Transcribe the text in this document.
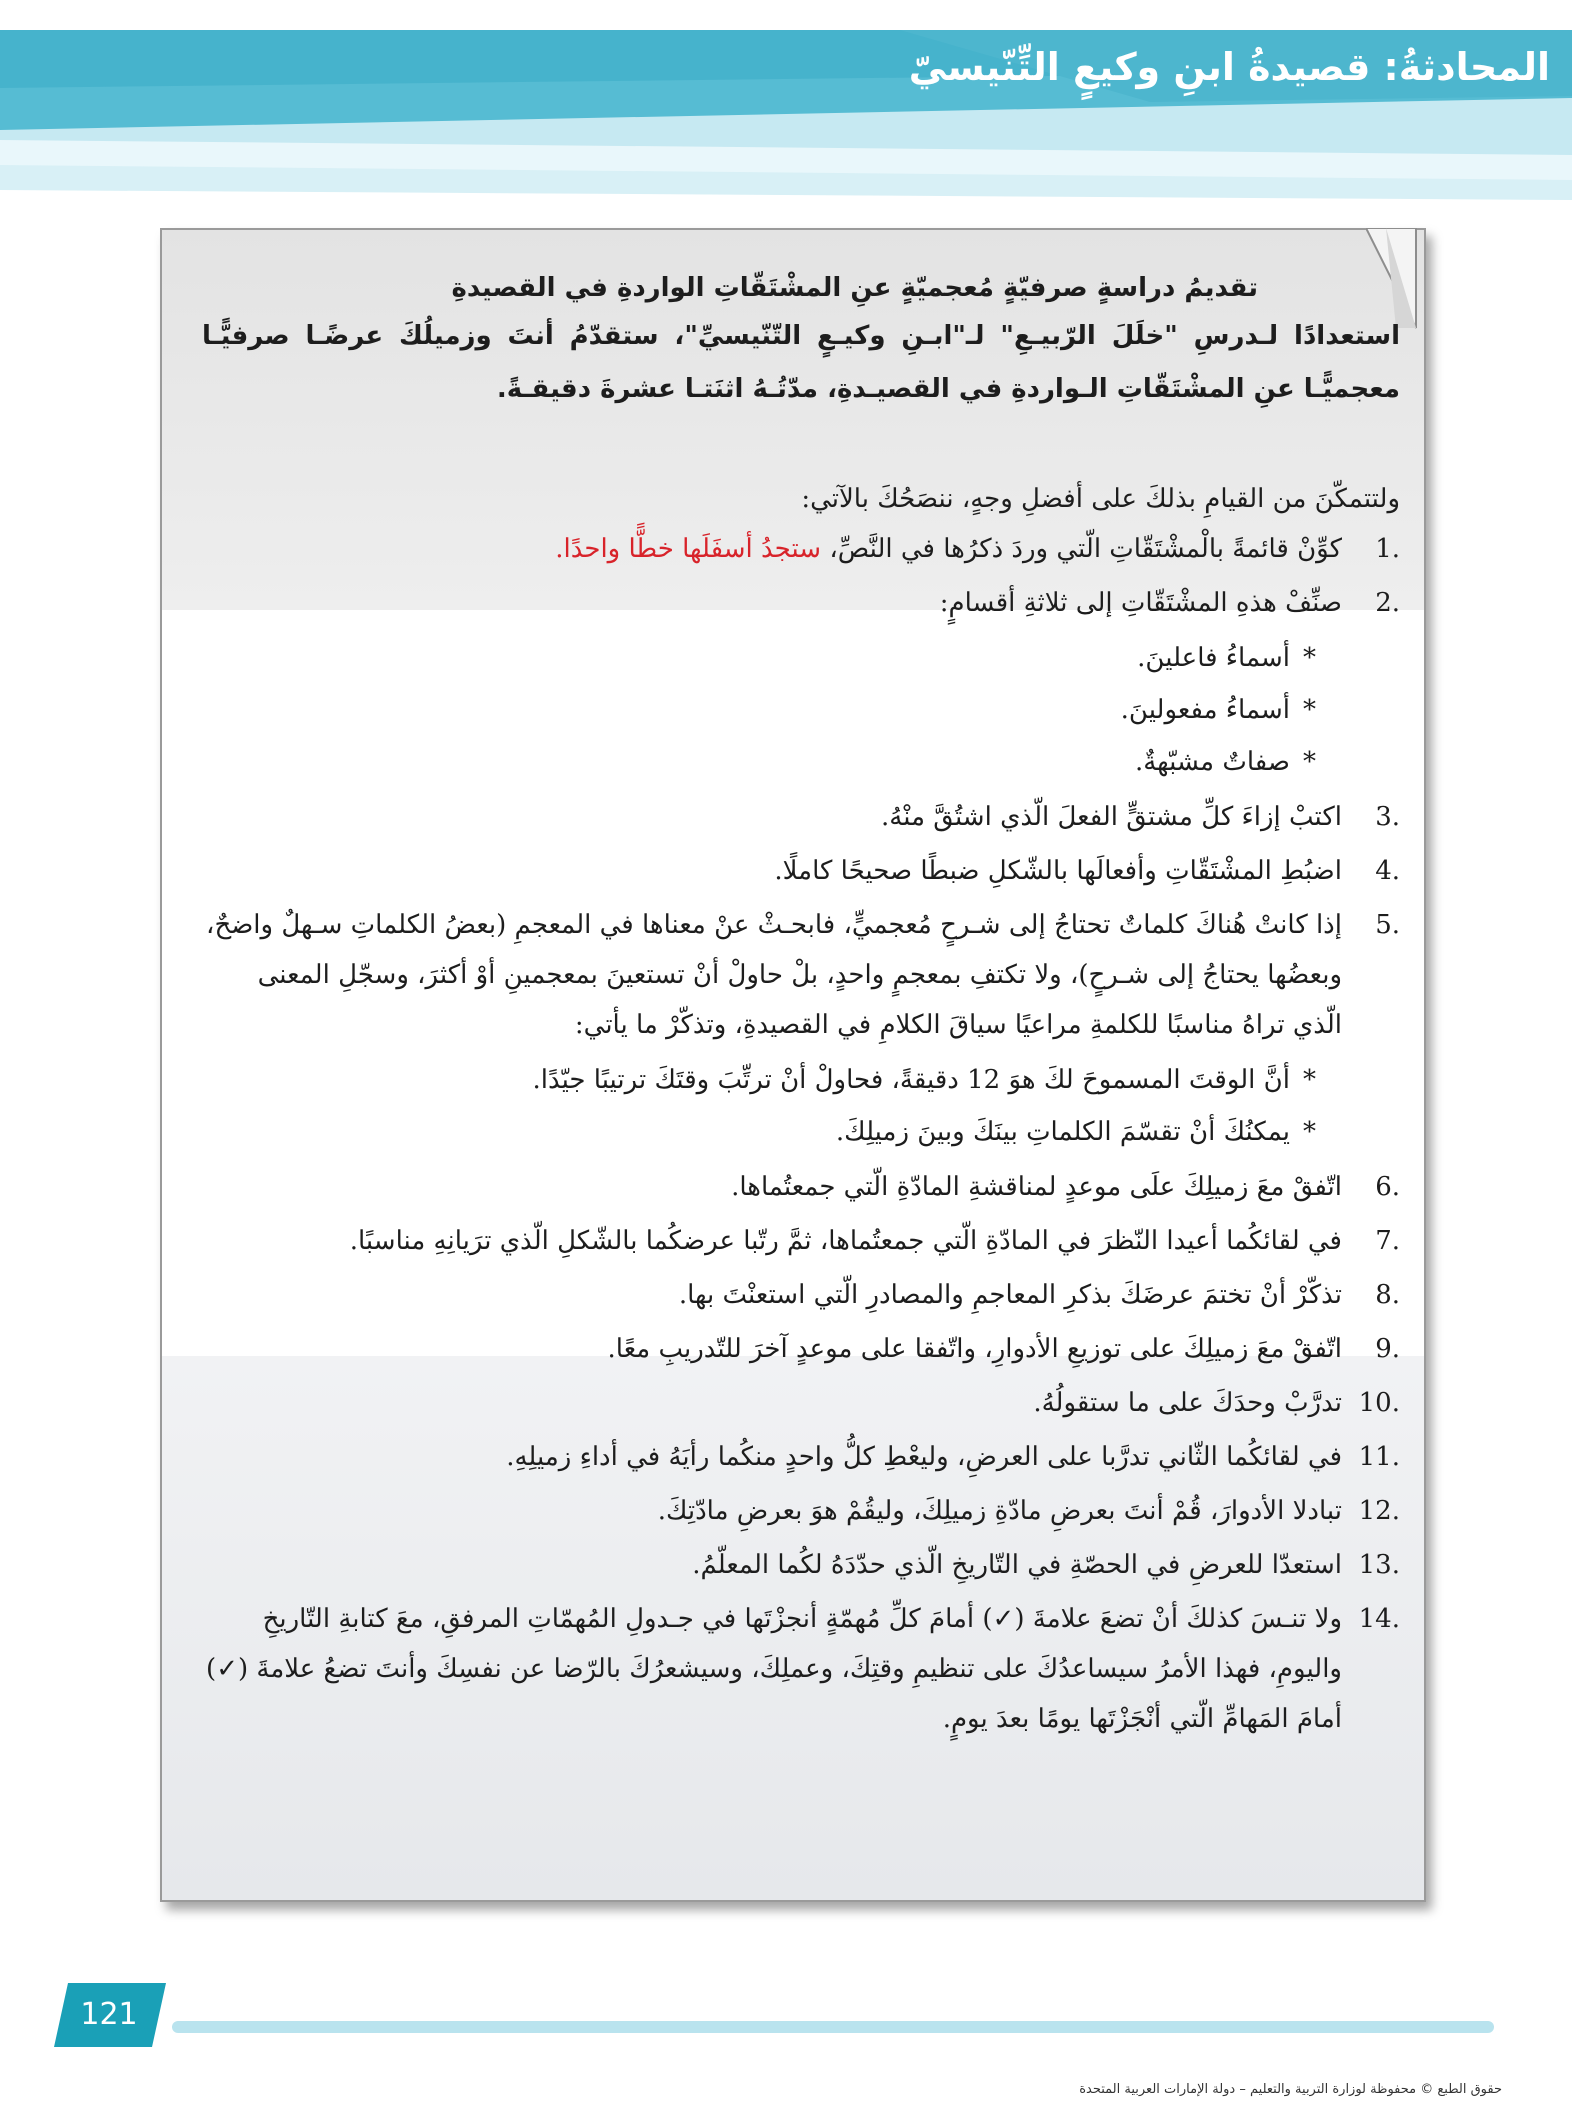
المحادثةُ: قصيدةُ ابنِ وكيعٍ التِّنّيسيّ

تقديمُ دراسةٍ صرفيّةٍ مُعجميّةٍ عنِ المشْتَقّاتِ الواردةِ في القصيدةِ

استعدادًا لـدرسِ "خلَلَ الرّبيـعِ" لـ"ابـنِ وكيـعٍ التّنّيسيِّ"، ستقدّمُ أنتَ وزميلُكَ عرضًـا صرفيًّـا معجميًّـا عنِ المشْتَقّاتِ الـواردةِ في القصيـدةِ، مدّتُـهُ اثنَتـا عشرةَ دقيقـةً.

ولتتمكّنَ من القيامِ بذلكَ على أفضلِ وجهٍ، ننصَحُكَ بالآتي:

1.
كوِّنْ قائمةً بالْمشْتَقّاتِ الّتي وردَ ذكرُها في النَّصِّ، ستجدُ أسفَلَها خطًّا واحدًا.
2.
صنِّفْ هذهِ المشْتَقّاتِ إلى ثلاثةِ أقسامٍ:
* أسماءُ فاعلينَ.
* أسماءُ مفعولينَ.
* صفاتٌ مشبّهةٌ.
3.
اكتبْ إزاءَ كلِّ مشتقٍّ الفعلَ الّذي اشتُقَّ منْهُ.
4.
اضبُطِ المشْتَقّاتِ وأفعالَها بالشّكلِ ضبطًا صحيحًا كاملًا.
5.
إذا كانتْ هُناكَ كلماتٌ تحتاجُ إلى شـرحٍ مُعجميٍّ، فابحـثْ عنْ معناها في المعجمِ (بعضُ الكلماتِ سـهلٌ واضحٌ، وبعضُها يحتاجُ إلى شـرحٍ)، ولا تكتفِ بمعجمٍ واحدٍ، بلْ حاولْ أنْ تستعينَ بمعجمينِ أوْ أكثرَ، وسجّلِ المعنى الّذي تراهُ مناسبًا للكلمةِ مراعيًا سياقَ الكلامِ في القصيدةِ، وتذكّرْ ما يأتي:
* أنَّ الوقتَ المسموحَ لكَ هوَ 12 دقيقةً، فحاولْ أنْ ترتِّبَ وقتَكَ ترتيبًا جيّدًا.
* يمكنُكَ أنْ تقسّمَ الكلماتِ بينَكَ وبينَ زميلِكَ.
6.
اتّفقْ معَ زميلِكَ علَى موعدٍ لمناقشةِ المادّةِ الّتي جمعتُماها.
7.
في لقائكُما أعيدا النّظرَ في المادّةِ الّتي جمعتُماها، ثمَّ رتّبا عرضكُما بالشّكلِ الّذي ترَيانِهِ مناسبًا.
8.
تذكّرْ أنْ تختمَ عرضَكَ بذكرِ المعاجمِ والمصادرِ الّتي استعنْتَ بها.
9.
اتّفقْ معَ زميلِكَ على توزيعِ الأدوارِ، واتّفقا على موعدٍ آخرَ للتّدريبِ معًا.
10.
تدرَّبْ وحدَكَ على ما ستقولُهُ.
11.
في لقائكُما الثّاني تدرَّبا على العرضِ، وليعْطِ كلُّ واحدٍ منكُما رأيَهُ في أداءِ زميلِهِ.
12.
تبادلا الأدوارَ، قُمْ أنتَ بعرضِ مادّةِ زميلِكَ، وليقُمْ هوَ بعرضِ مادّتِكَ.
13.
استعدّا للعرضِ في الحصّةِ في التّاريخِ الّذي حدّدَهُ لكُما المعلّمُ.
14.
ولا تنـسَ كذلكَ أنْ تضعَ علامةَ (✓) أمامَ كلِّ مُهمّةٍ أنجزْتَها في جـدولِ المُهمّاتِ المرفقِ، معَ كتابةِ التّاريخِ واليومِ، فهذا الأمرُ سيساعدُكَ على تنظيمِ وقتِكَ، وعملِكَ، وسيشعرُكَ بالرّضا عن نفسِكَ وأنتَ تضعُ علامةَ (✓) أمامَ المَهامِّ الّتي أنْجَزْتَها يومًا بعدَ يومٍ.
121
حقوق الطبع © محفوظة لوزارة التربية والتعليم – دولة الإمارات العربية المتحدة
